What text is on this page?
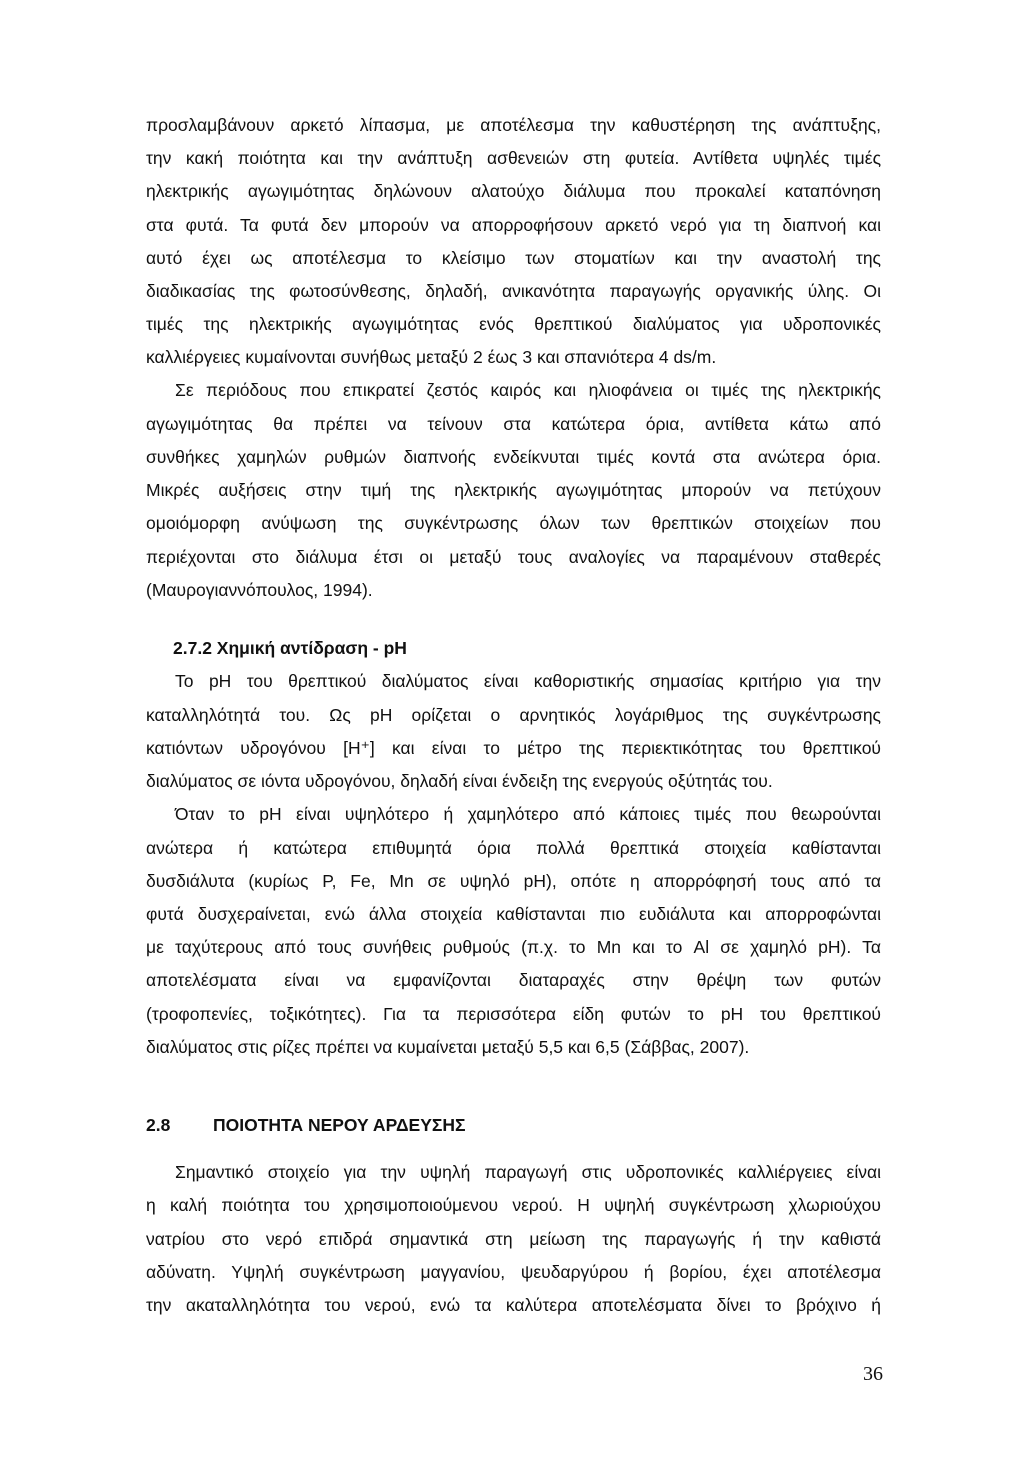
προσλαμβάνουν αρκετό λίπασμα, με αποτέλεσμα την καθυστέρηση της ανάπτυξης,
την κακή ποιότητα και την ανάπτυξη ασθενειών στη φυτεία. Αντίθετα υψηλές τιμές
ηλεκτρικής αγωγιμότητας δηλώνουν αλατούχο διάλυμα που προκαλεί καταπόνηση
στα φυτά. Τα φυτά δεν μπορούν να απορροφήσουν αρκετό νερό για τη διαπνοή και
αυτό έχει ως αποτέλεσμα το κλείσιμο των στοματίων και την αναστολή της
διαδικασίας της φωτοσύνθεσης, δηλαδή, ανικανότητα παραγωγής οργανικής ύλης. Οι
τιμές της ηλεκτρικής αγωγιμότητας ενός θρεπτικού διαλύματος για υδροπονικές
καλλιέργειες κυμαίνονται συνήθως μεταξύ 2 έως 3 και σπανιότερα 4 ds/m.
Σε περιόδους που επικρατεί ζεστός καιρός και ηλιοφάνεια οι τιμές της ηλεκτρικής
αγωγιμότητας θα πρέπει να τείνουν στα κατώτερα όρια, αντίθετα κάτω από
συνθήκες χαμηλών ρυθμών διαπνοής ενδείκνυται τιμές κοντά στα ανώτερα όρια.
Μικρές αυξήσεις στην τιμή της ηλεκτρικής αγωγιμότητας μπορούν να πετύχουν
ομοιόμορφη ανύψωση της συγκέντρωσης όλων των θρεπτικών στοιχείων που
περιέχονται στο διάλυμα έτσι οι μεταξύ τους αναλογίες να παραμένουν σταθερές
(Μαυρογιαννόπουλος, 1994).
2.7.2 Χημική αντίδραση - pH
Το pH του θρεπτικού διαλύματος είναι καθοριστικής σημασίας κριτήριο για την
καταλληλότητά του. Ως pH ορίζεται ο αρνητικός λογάριθμος της συγκέντρωσης
κατιόντων υδρογόνου [H⁺] και είναι το μέτρο της περιεκτικότητας του θρεπτικού
διαλύματος σε ιόντα υδρογόνου, δηλαδή είναι ένδειξη της ενεργούς οξύτητάς του.
Όταν το pH είναι υψηλότερο ή χαμηλότερο από κάποιες τιμές που θεωρούνται
ανώτερα ή κατώτερα επιθυμητά όρια πολλά θρεπτικά στοιχεία καθίστανται
δυσδιάλυτα (κυρίως P, Fe, Mn σε υψηλό pH), οπότε η απορρόφησή τους από τα
φυτά δυσχεραίνεται, ενώ άλλα στοιχεία καθίστανται πιο ευδιάλυτα και απορροφώνται
με ταχύτερους από τους συνήθεις ρυθμούς (π.χ. το Mn και το Al σε χαμηλό pH). Τα
αποτελέσματα είναι να εμφανίζονται διαταραχές στην θρέψη των φυτών
(τροφοπενίες, τοξικότητες). Για τα περισσότερα είδη φυτών το pH του θρεπτικού
διαλύματος στις ρίζες πρέπει να κυμαίνεται μεταξύ 5,5 και 6,5 (Σάββας, 2007).
2.8 ΠΟΙΟΤΗΤΑ ΝΕΡΟΥ ΑΡΔΕΥΣΗΣ
Σημαντικό στοιχείο για την υψηλή παραγωγή στις υδροπονικές καλλιέργειες είναι
η καλή ποιότητα του χρησιμοποιούμενου νερού. Η υψηλή συγκέντρωση χλωριούχου
νατρίου στο νερό επιδρά σημαντικά στη μείωση της παραγωγής ή την καθιστά
αδύνατη. Υψηλή συγκέντρωση μαγγανίου, ψευδαργύρου ή βορίου, έχει αποτέλεσμα
την ακαταλληλότητα του νερού, ενώ τα καλύτερα αποτελέσματα δίνει το βρόχινο ή
36
